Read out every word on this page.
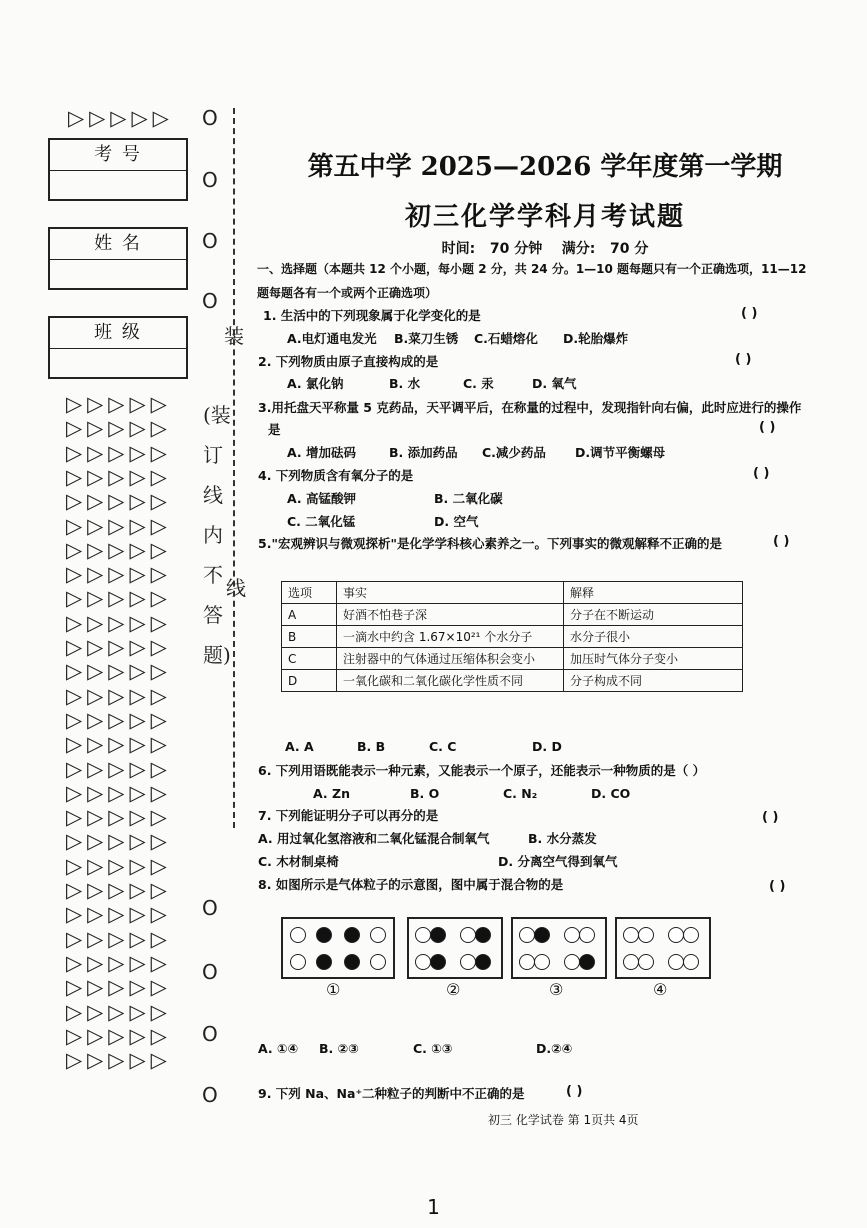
▷▷▷▷▷ O
O
O
O
考 号
姓 名
班 级	装
(装订线内不答题)
线
▷▷▷▷▷
▷▷▷▷▷
▷▷▷▷▷
▷▷▷▷▷
▷▷▷▷▷
▷▷▷▷▷
▷▷▷▷▷
▷▷▷▷▷
▷▷▷▷▷
▷▷▷▷▷
▷▷▷▷▷
▷▷▷▷▷
▷▷▷▷▷
▷▷▷▷▷
▷▷▷▷▷
▷▷▷▷▷
▷▷▷▷▷
▷▷▷▷▷
▷▷▷▷▷
▷▷▷▷▷
▷▷▷▷▷
▷▷▷▷▷
▷▷▷▷▷
▷▷▷▷▷
▷▷▷▷▷
▷▷▷▷▷
▷▷▷▷▷
▷▷▷▷▷
O
O
O
O
第五中学 2025—2026 学年度第一学期
初三化学学科月考试题
时间: 70 分钟 满分: 70 分
一、选择题（本题共 12 个小题，每小题 2 分，共 24 分。1—10 题每题只有一个正确选项，11—12
题每题各有一个或两个正确选项）
1. 生活中的下列现象属于化学变化的是	( )
A.电灯通电发光 B.菜刀生锈 C.石蜡熔化 D.轮胎爆炸
2. 下列物质由原子直接构成的是	( )
A. 氯化钠	B. 水	C. 汞	D. 氧气
3.用托盘天平称量 5 克药品，天平调平后，在称量的过程中，发现指针向右偏，此时应进行的操作
是	( )
A. 增加砝码	B. 添加药品 C.减少药品 D.调节平衡螺母
4. 下列物质含有氧分子的是	( )
A. 高锰酸钾	B. 二氧化碳
C. 二氧化锰	D. 空气
5."宏观辨识与微观探析"是化学学科核心素养之一。下列事实的微观解释不正确的是	( )
选项	事实	解释
A	好酒不怕巷子深	分子在不断运动
B	一滴水中约含 1.67×10²¹ 个水分子	水分子很小
C	注射器中的气体通过压缩体积会变小	加压时气体分子变小
D	一氧化碳和二氧化碳化学性质不同	分子构成不同
A. A	B. B	C. C	D. D
6. 下列用语既能表示一种元素，又能表示一个原子，还能表示一种物质的是（ ）
A. Zn	B. O	C. N₂	D. CO
7. 下列能证明分子可以再分的是	( )
A. 用过氧化氢溶液和二氧化锰混合制氧气	B. 水分蒸发
C. 木材制桌椅	D. 分离空气得到氧气
8. 如图所示是气体粒子的示意图，图中属于混合物的是	( )
①	②	③	④
A. ①④ B. ②③	C. ①③	D.②④
9. 下列 Na、Na⁺二种粒子的判断中不正确的是	( )
初三 化学试卷 第 1页共 4页
1
